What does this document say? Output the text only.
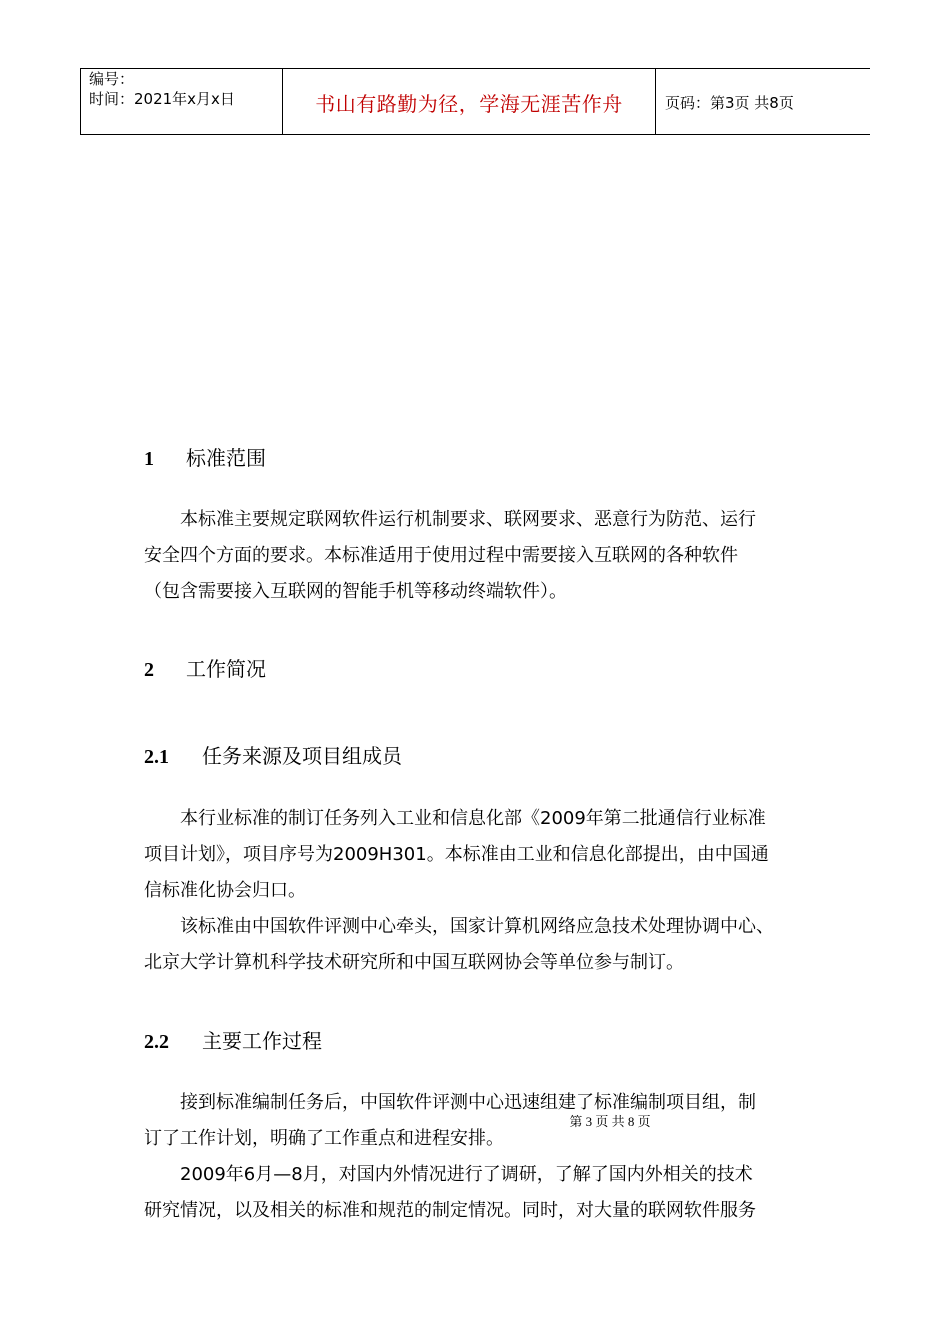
编号：
时间：2021年x月x日	书山有路勤为径，学海无涯苦作舟	页码：第3页 共8页
1 标准范围
本标准主要规定联网软件运行机制要求、联网要求、恶意行为防范、运行
安全四个方面的要求。本标准适用于使用过程中需要接入互联网的各种软件
（包含需要接入互联网的智能手机等移动终端软件）。
2 工作简况
2.1 任务来源及项目组成员
本行业标准的制订任务列入工业和信息化部《2009年第二批通信行业标准
项目计划》，项目序号为2009H301。本标准由工业和信息化部提出，由中国通
信标准化协会归口。
该标准由中国软件评测中心牵头，国家计算机网络应急技术处理协调中心、
北京大学计算机科学技术研究所和中国互联网协会等单位参与制订。
2.2 主要工作过程
接到标准编制任务后，中国软件评测中心迅速组建了标准编制项目组，制
订了工作计划，明确了工作重点和进程安排。
2009年6月—8月，对国内外情况进行了调研，了解了国内外相关的技术
研究情况，以及相关的标准和规范的制定情况。同时，对大量的联网软件服务
第 3 页 共 8 页
